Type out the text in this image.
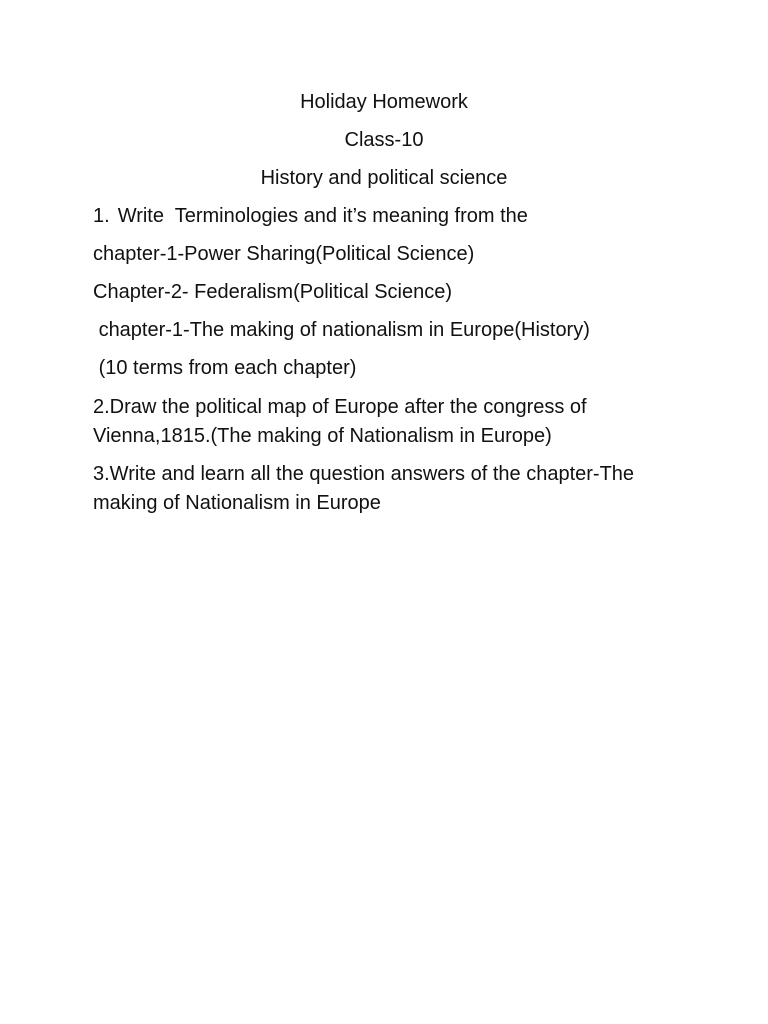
Holiday Homework

Class-10

History and political science

1. Write  Terminologies and it’s meaning from the

chapter-1-Power Sharing(Political Science)

Chapter-2- Federalism(Political Science)

chapter-1-The making of nationalism in Europe(History)

(10 terms from each chapter)

2.Draw the political map of Europe after the congress of Vienna,1815.(The making of Nationalism in Europe)

3.Write and learn all the question answers of the chapter-The making of Nationalism in Europe
